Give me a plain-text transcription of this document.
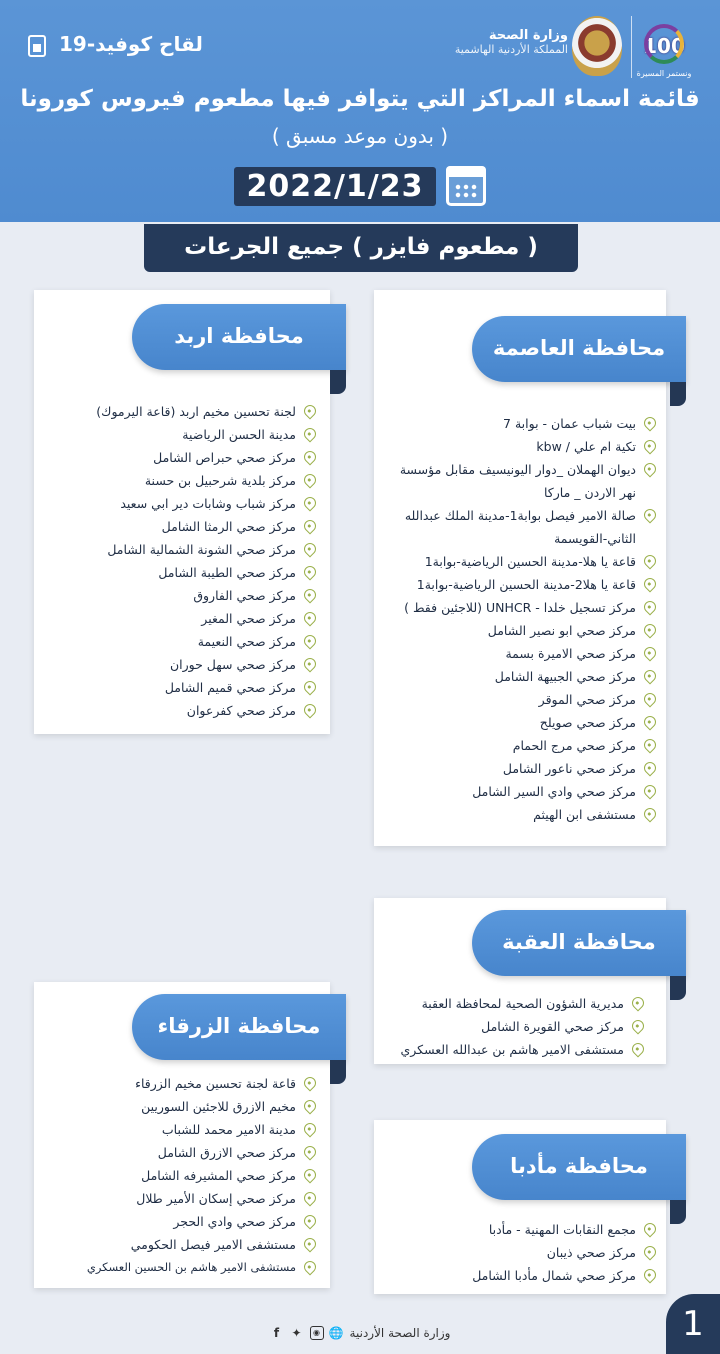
لقاح كوفيد-19	وزارة الصحة
المملكة الأردنية الهاشمية	100
ونستمر المسيرة
قائمة اسماء المراكز التي يتوافر فيها مطعوم فيروس كورونا
( بدون موعد مسبق )
2022/1/23
( مطعوم فايزر ) جميع الجرعات
محافظة العاصمة
بيت شباب عمان - بوابة 7
تكية ام علي / kbw
ديوان الهملان _دوار اليونيسيف مقابل مؤسسة نهر الاردن _ ماركا
صالة الامير فيصل بوابة1-مدينة الملك عبدالله الثاني-القويسمة
قاعة يا هلا-مدينة الحسين الرياضية-بوابة1
قاعة يا هلا2-مدينة الحسين الرياضية-بوابة1
مركز تسجيل خلدا - UNHCR (للاجئين فقط )
مركز صحي ابو نصير الشامل
مركز صحي الاميرة بسمة
مركز صحي الجبيهة الشامل
مركز صحي الموقر
مركز صحي صويلح
مركز صحي مرج الحمام
مركز صحي ناعور الشامل
مركز صحي وادي السير الشامل
مستشفى ابن الهيثم
محافظة اربد
لجنة تحسين مخيم اربد (قاعة اليرموك)
مدينة الحسن الرياضية
مركز صحي حبراص الشامل
مركز بلدية شرحبيل بن حسنة
مركز شباب وشابات دير ابي سعيد
مركز صحي الرمثا الشامل
مركز صحي الشونة الشمالية الشامل
مركز صحي الطيبة الشامل
مركز صحي الفاروق
مركز صحي المغير
مركز صحي النعيمة
مركز صحي سهل حوران
مركز صحي قميم الشامل
مركز صحي كفرعوان
محافظة العقبة
مديرية الشؤون الصحية لمحافظة العقبة
مركز صحي القويرة الشامل
مستشفى الامير هاشم بن عبدالله العسكري
محافظة الزرقاء
قاعة لجنة تحسين مخيم الزرقاء
مخيم الازرق للاجئين السوريين
مدينة الامير محمد للشباب
مركز صحي الازرق الشامل
مركز صحي المشيرفه الشامل
مركز صحي إسكان الأمير طلال
مركز صحي وادي الحجر
مستشفى الامير فيصل الحكومي
مستشفى الامير هاشم بن الحسين العسكري
محافظة مأدبا
مجمع النقابات المهنية - مأدبا
مركز صحي ذيبان
مركز صحي شمال مأدبا الشامل
وزارة الصحة الأردنية
🌐
◉
✦
f	1
